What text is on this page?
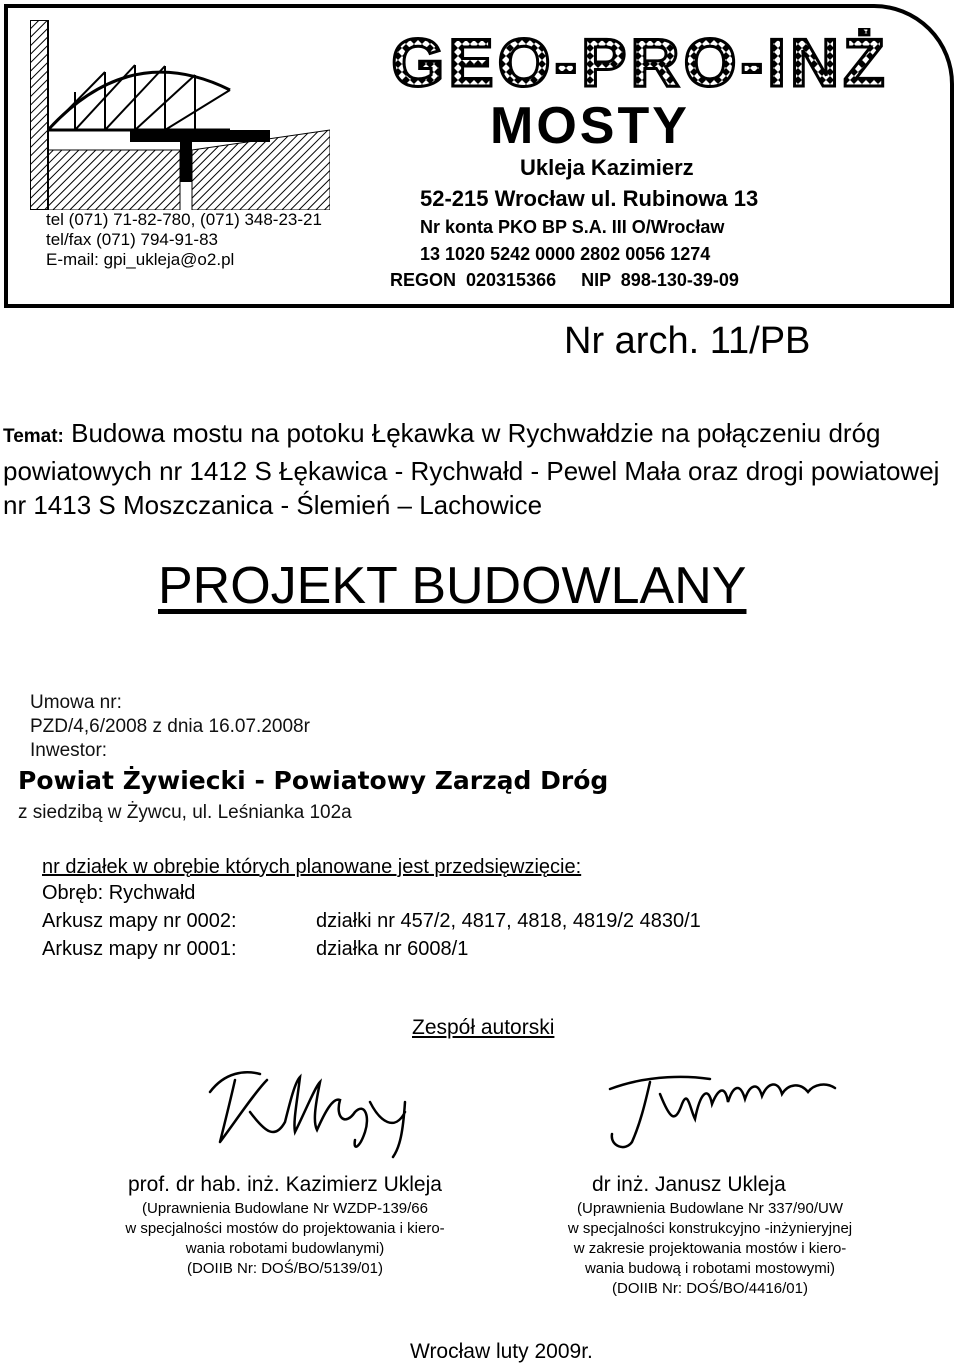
GEO-PRO-INŻ
MOSTY
Ukleja Kazimierz
52-215 Wrocław ul. Rubinowa 13
Nr konta PKO BP S.A. III O/Wrocław
13 1020 5242 0000 2802 0056 1274
REGON  020315366     NIP  898-130-39-09
tel (071) 71-82-780, (071) 348-23-21
tel/fax (071) 794-91-83
E-mail: gpi_ukleja@o2.pl
Nr arch. 11/PB
Temat: Budowa mostu na potoku Łękawka w Rychwałdzie na połączeniu dróg powiatowych nr 1412 S Łękawica - Rychwałd - Pewel Mała oraz drogi powiatowej nr 1413 S Moszczanica - Ślemień – Lachowice
PROJEKT BUDOWLANY
Umowa nr:
PZD/4,6/2008 z dnia 16.07.2008r
Inwestor:
Powiat Żywiecki - Powiatowy Zarząd Dróg
z siedzibą w Żywcu, ul. Leśnianka 102a
nr działek w obrębie których planowane jest przedsięwzięcie:
Obręb: Rychwałd
Arkusz mapy nr 0002:	działki nr 457/2, 4817, 4818, 4819/2 4830/1
Arkusz mapy nr 0001:	działka nr 6008/1
Zespół autorski
prof. dr hab. inż. Kazimierz Ukleja
(Uprawnienia Budowlane Nr WZDP-139/66
w specjalności mostów do projektowania i kiero-
wania robotami budowlanymi)
(DOIIB Nr: DOŚ/BO/5139/01)
dr inż. Janusz Ukleja
(Uprawnienia Budowlane Nr 337/90/UW
w specjalności konstrukcyjno -inżynieryjnej
w zakresie projektowania mostów i kiero-
wania budową i robotami mostowymi)
(DOIIB Nr: DOŚ/BO/4416/01)
Wrocław luty 2009r.
